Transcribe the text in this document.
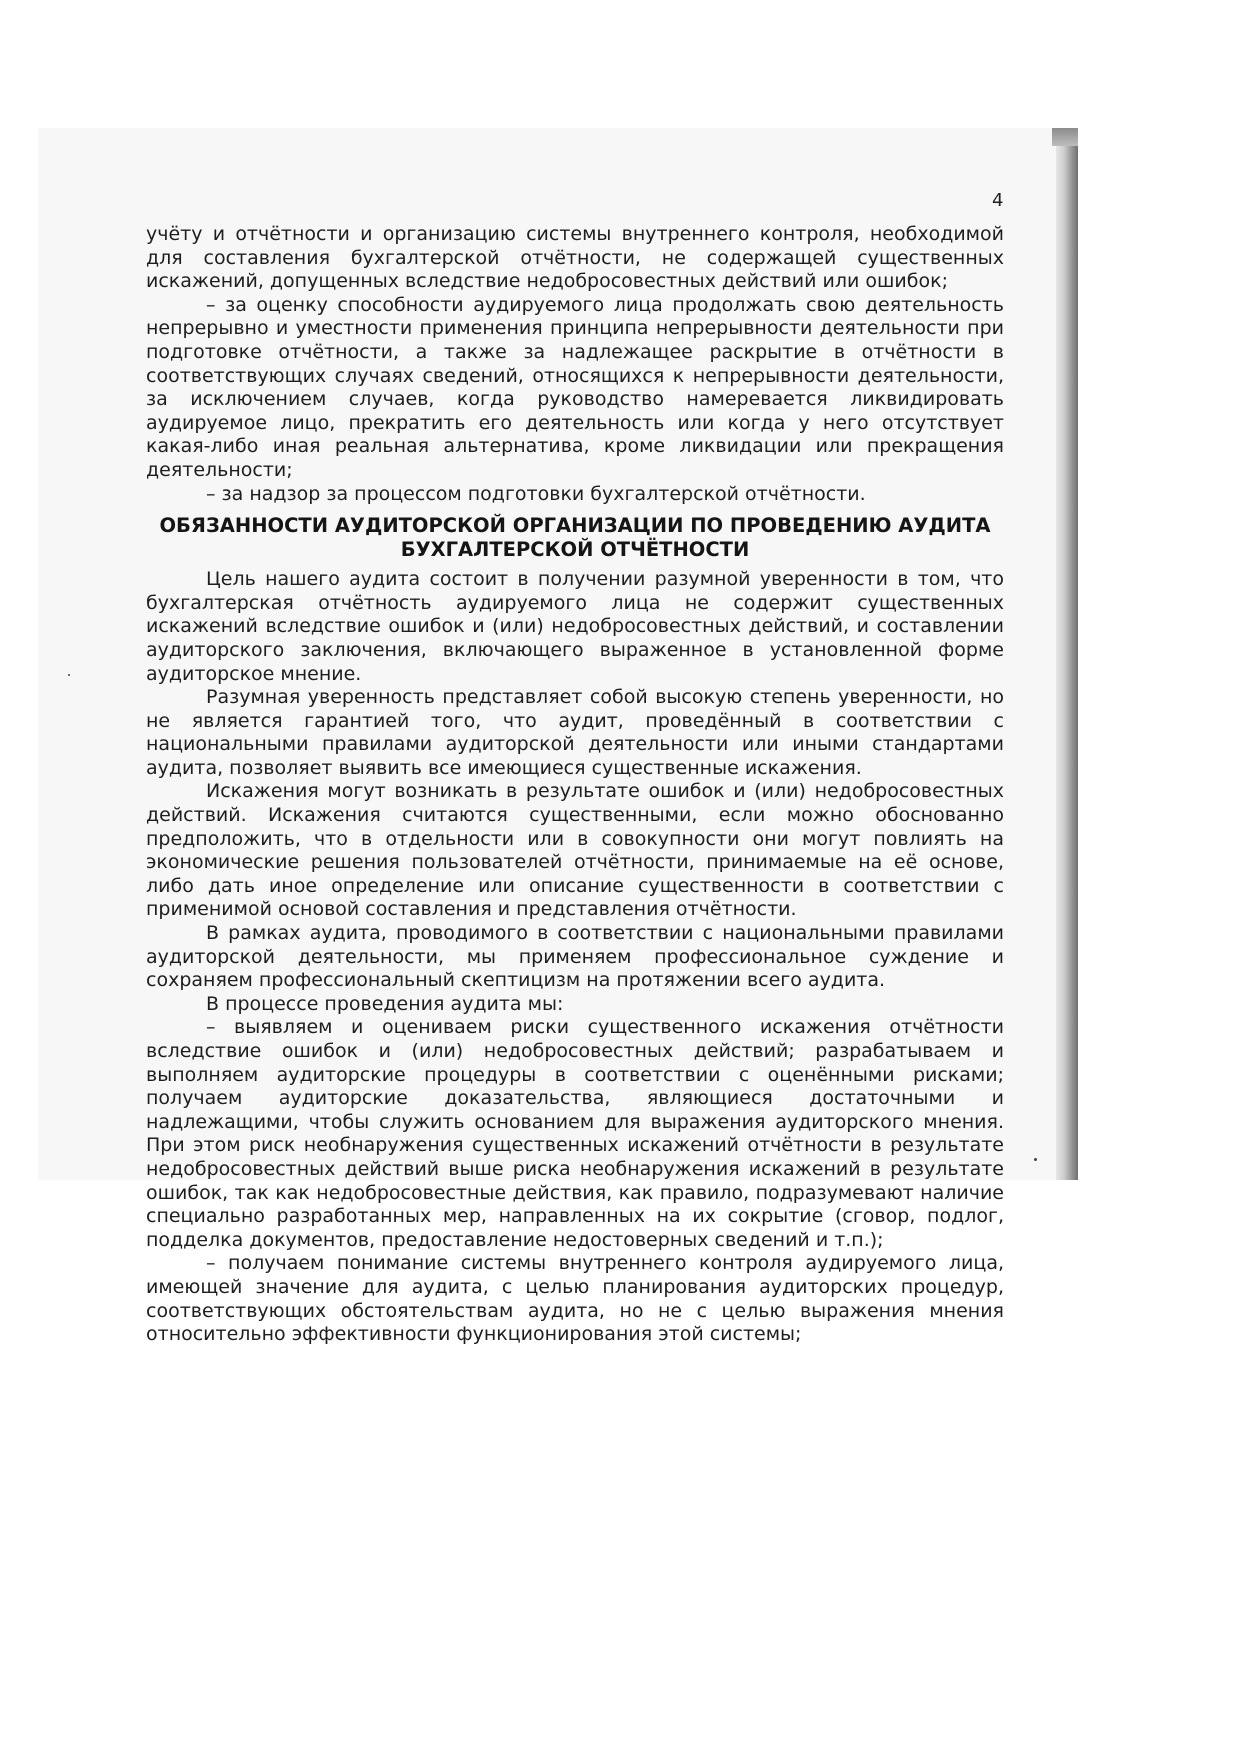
4

учёту и отчётности и организацию системы внутреннего контроля, необходимой для составления бухгалтерской отчётности, не содержащей существенных искажений, допущенных вследствие недобросовестных действий или ошибок;

– за оценку способности аудируемого лица продолжать свою деятельность непрерывно и уместности применения принципа непрерывности деятельности при подготовке отчётности, а также за надлежащее раскрытие в отчётности в соответствующих случаях сведений, относящихся к непрерывности деятельности, за исключением случаев, когда руководство намеревается ликвидировать аудируемое лицо, прекратить его деятельность или когда у него отсутствует какая-либо иная реальная альтернатива, кроме ликвидации или прекращения деятельности;

– за надзор за процессом подготовки бухгалтерской отчётности.

ОБЯЗАННОСТИ АУДИТОРСКОЙ ОРГАНИЗАЦИИ ПО ПРОВЕДЕНИЮ АУДИТА БУХГАЛТЕРСКОЙ ОТЧЁТНОСТИ

Цель нашего аудита состоит в получении разумной уверенности в том, что бухгалтерская отчётность аудируемого лица не содержит существенных искажений вследствие ошибок и (или) недобросовестных действий, и составлении аудиторского заключения, включающего выраженное в установленной форме аудиторское мнение.

Разумная уверенность представляет собой высокую степень уверенности, но не является гарантией того, что аудит, проведённый в соответствии с национальными правилами аудиторской деятельности или иными стандартами аудита, позволяет выявить все имеющиеся существенные искажения.

Искажения могут возникать в результате ошибок и (или) недобросовестных действий. Искажения считаются существенными, если можно обоснованно предположить, что в отдельности или в совокупности они могут повлиять на экономические решения пользователей отчётности, принимаемые на её основе, либо дать иное определение или описание существенности в соответствии с применимой основой составления и представления отчётности.

В рамках аудита, проводимого в соответствии с национальными правилами аудиторской деятельности, мы применяем профессиональное суждение и сохраняем профессиональный скептицизм на протяжении всего аудита.

В процессе проведения аудита мы:

– выявляем и оцениваем риски существенного искажения отчётности вследствие ошибок и (или) недобросовестных действий; разрабатываем и выполняем аудиторские процедуры в соответствии с оценёнными рисками; получаем аудиторские доказательства, являющиеся достаточными и надлежащими, чтобы служить основанием для выражения аудиторского мнения. При этом риск необнаружения существенных искажений отчётности в результате недобросовестных действий выше риска необнаружения искажений в результате ошибок, так как недобросовестные действия, как правило, подразумевают наличие специально разработанных мер, направленных на их сокрытие (сговор, подлог, подделка документов, предоставление недостоверных сведений и т.п.);

– получаем понимание системы внутреннего контроля аудируемого лица, имеющей значение для аудита, с целью планирования аудиторских процедур, соответствующих обстоятельствам аудита, но не с целью выражения мнения относительно эффективности функционирования этой системы;
